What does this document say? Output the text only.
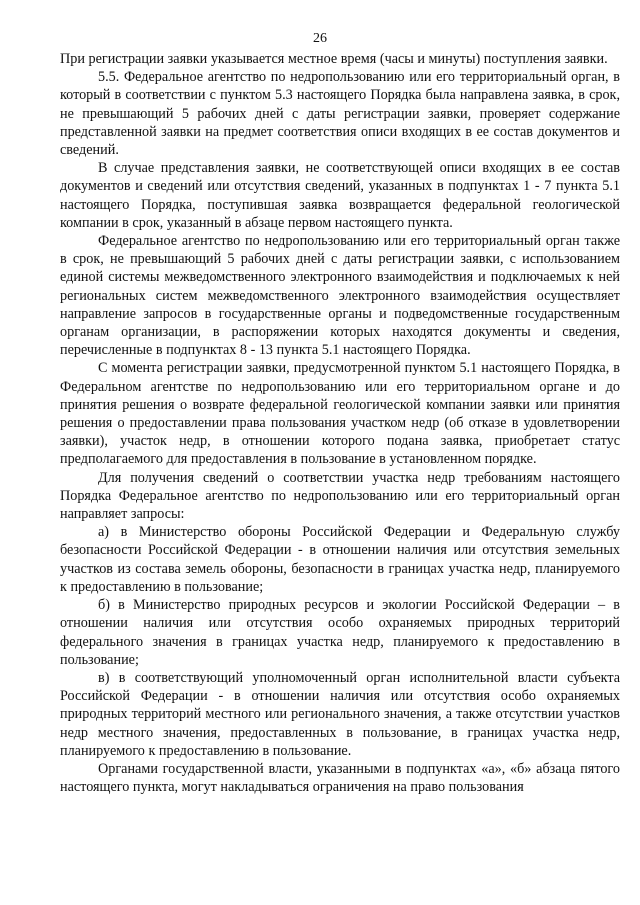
26

При регистрации заявки указывается местное время (часы и минуты) поступления заявки.

5.5. Федеральное агентство по недропользованию или его территориальный орган, в который в соответствии с пунктом 5.3 настоящего Порядка была направлена заявка, в срок, не превышающий 5 рабочих дней с даты регистрации заявки, проверяет содержание представленной заявки на предмет соответствия описи входящих в ее состав документов и сведений.

В случае представления заявки, не соответствующей описи входящих в ее состав документов и сведений или отсутствия сведений, указанных в подпунктах 1 - 7 пункта 5.1 настоящего Порядка, поступившая заявка возвращается федеральной геологической компании в срок, указанный в абзаце первом настоящего пункта.

Федеральное агентство по недропользованию или его территориальный орган также в срок, не превышающий 5 рабочих дней с даты регистрации заявки, с использованием единой системы межведомственного электронного взаимодействия и подключаемых к ней региональных систем межведомственного электронного взаимодействия осуществляет направление запросов в государственные органы и подведомственные государственным органам организации, в распоряжении которых находятся документы и сведения, перечисленные в подпунктах 8 - 13 пункта 5.1 настоящего Порядка.

С момента регистрации заявки, предусмотренной пунктом 5.1 настоящего Порядка, в Федеральном агентстве по недропользованию или его территориальном органе и до принятия решения о возврате федеральной геологической компании заявки или принятия решения о предоставлении права пользования участком недр (об отказе в удовлетворении заявки), участок недр, в отношении которого подана заявка, приобретает статус предполагаемого для предоставления в пользование в установленном порядке.

Для получения сведений о соответствии участка недр требованиям настоящего Порядка Федеральное агентство по недропользованию или его территориальный орган направляет запросы:

а) в Министерство обороны Российской Федерации и Федеральную службу безопасности Российской Федерации - в отношении наличия или отсутствия земельных участков из состава земель обороны, безопасности в границах участка недр, планируемого к предоставлению в пользование;

б) в Министерство природных ресурсов и экологии Российской Федерации – в отношении наличия или отсутствия особо охраняемых природных территорий федерального значения в границах участка недр, планируемого к предоставлению в пользование;

в) в соответствующий уполномоченный орган исполнительной власти субъекта Российской Федерации - в отношении наличия или отсутствия особо охраняемых природных территорий местного или регионального значения, а также отсутствии участков недр местного значения, предоставленных в пользование, в границах участка недр, планируемого к предоставлению в пользование.

Органами государственной власти, указанными в подпунктах «а», «б» абзаца пятого настоящего пункта, могут накладываться ограничения на право пользования
